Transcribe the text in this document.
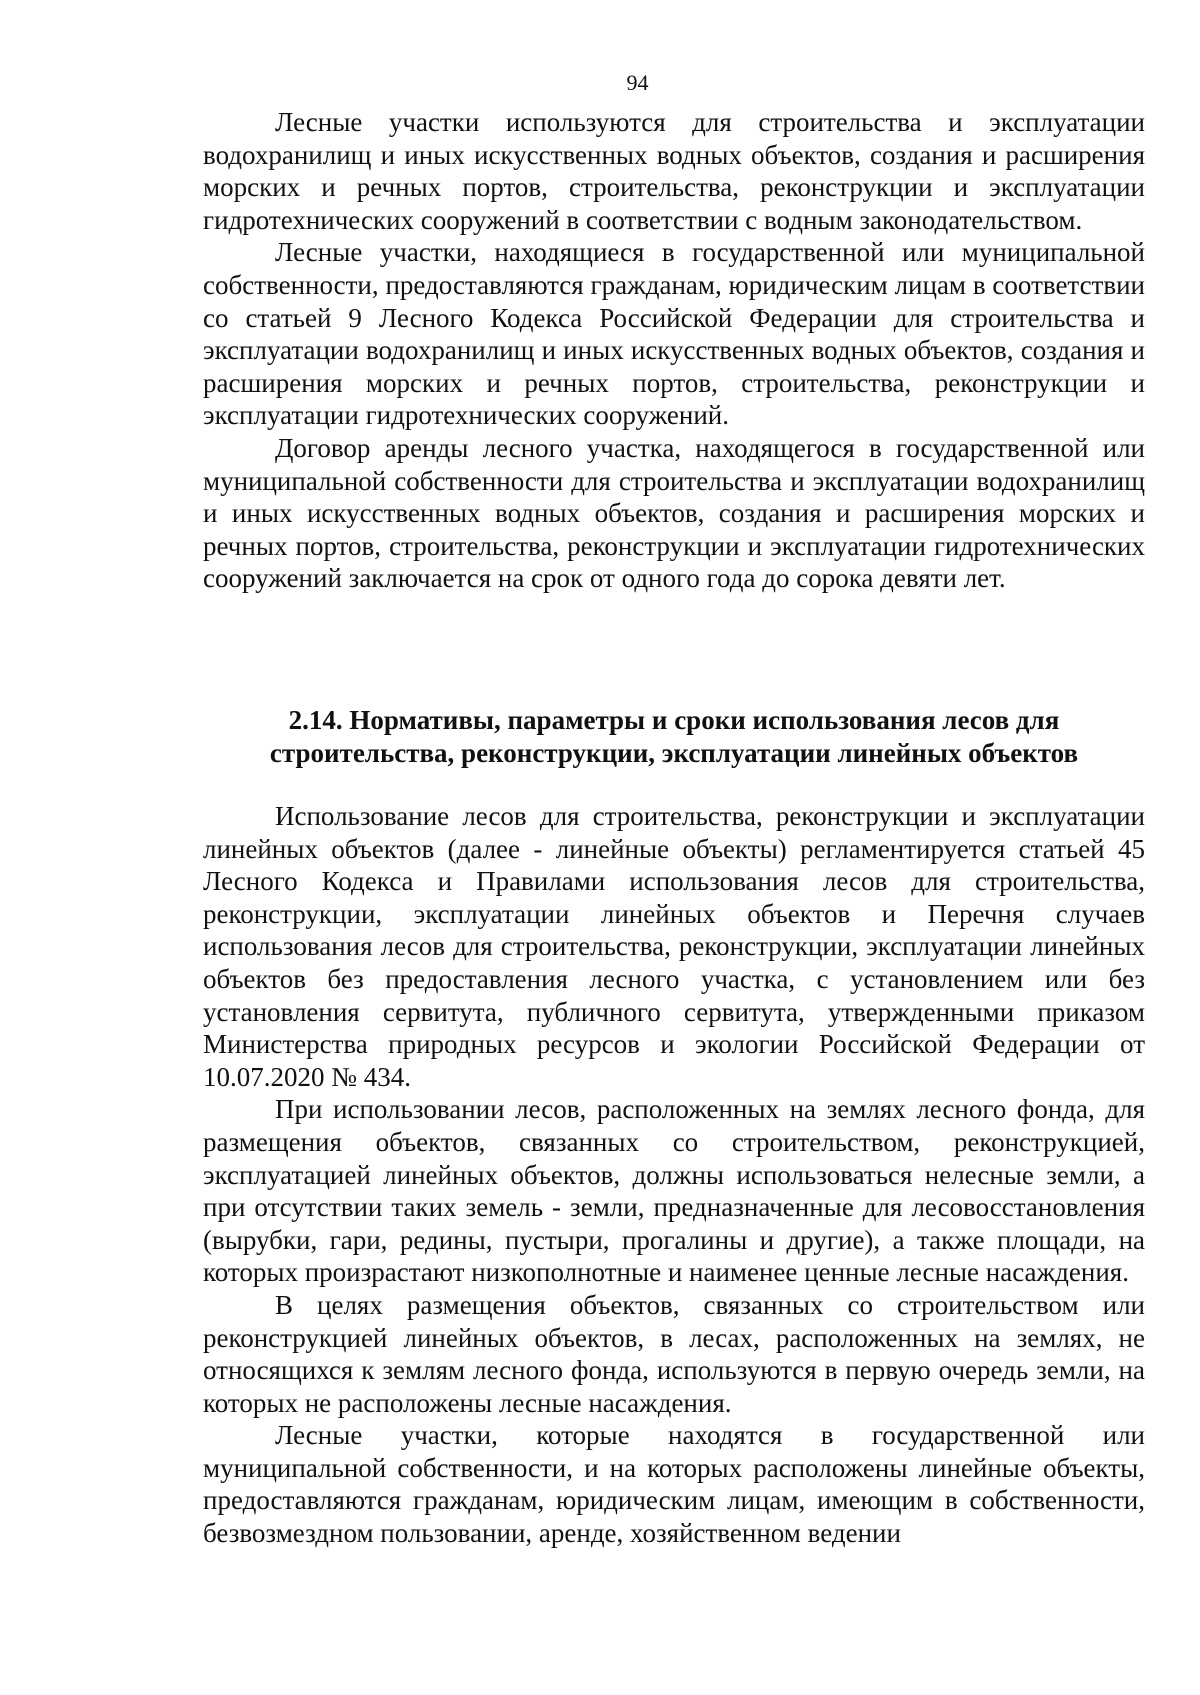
94

Лесные участки используются для строительства и эксплуатации водохранилищ и иных искусственных водных объектов, создания и расширения морских и речных портов, строительства, реконструкции и эксплуатации гидротехнических сооружений в соответствии с водным законодательством.

Лесные участки, находящиеся в государственной или муниципальной собственности, предоставляются гражданам, юридическим лицам в соответствии со статьей 9 Лесного Кодекса Российской Федерации для строительства и эксплуатации водохранилищ и иных искусственных водных объектов, создания и расширения морских и речных портов, строительства, реконструкции и эксплуатации гидротехнических сооружений.

Договор аренды лесного участка, находящегося в государственной или муниципальной собственности для строительства и эксплуатации водохранилищ и иных искусственных водных объектов, создания и расширения морских и речных портов, строительства, реконструкции и эксплуатации гидротехнических сооружений заключается на срок от одного года до сорока девяти лет.

2.14. Нормативы, параметры и сроки использования лесов для
строительства, реконструкции, эксплуатации линейных объектов

Использование лесов для строительства, реконструкции и эксплуатации линейных объектов (далее - линейные объекты) регламентируется статьей 45 Лесного Кодекса и Правилами использования лесов для строительства, реконструкции, эксплуатации линейных объектов и Перечня случаев использования лесов для строительства, реконструкции, эксплуатации линейных объектов без предоставления лесного участка, с установлением или без установления сервитута, публичного сервитута, утвержденными приказом Министерства природных ресурсов и экологии Российской Федерации от 10.07.2020 № 434.

При использовании лесов, расположенных на землях лесного фонда, для размещения объектов, связанных со строительством, реконструкцией, эксплуатацией линейных объектов, должны использоваться нелесные земли, а при отсутствии таких земель - земли, предназначенные для лесовосстановления (вырубки, гари, редины, пустыри, прогалины и другие), а также площади, на которых произрастают низкополнотные и наименее ценные лесные насаждения.

В целях размещения объектов, связанных со строительством или реконструкцией линейных объектов, в лесах, расположенных на землях, не относящихся к землям лесного фонда, используются в первую очередь земли, на которых не расположены лесные насаждения.

Лесные участки, которые находятся в государственной или муниципальной собственности, и на которых расположены линейные объекты, предоставляются гражданам, юридическим лицам, имеющим в собственности, безвозмездном пользовании, аренде, хозяйственном ведении
